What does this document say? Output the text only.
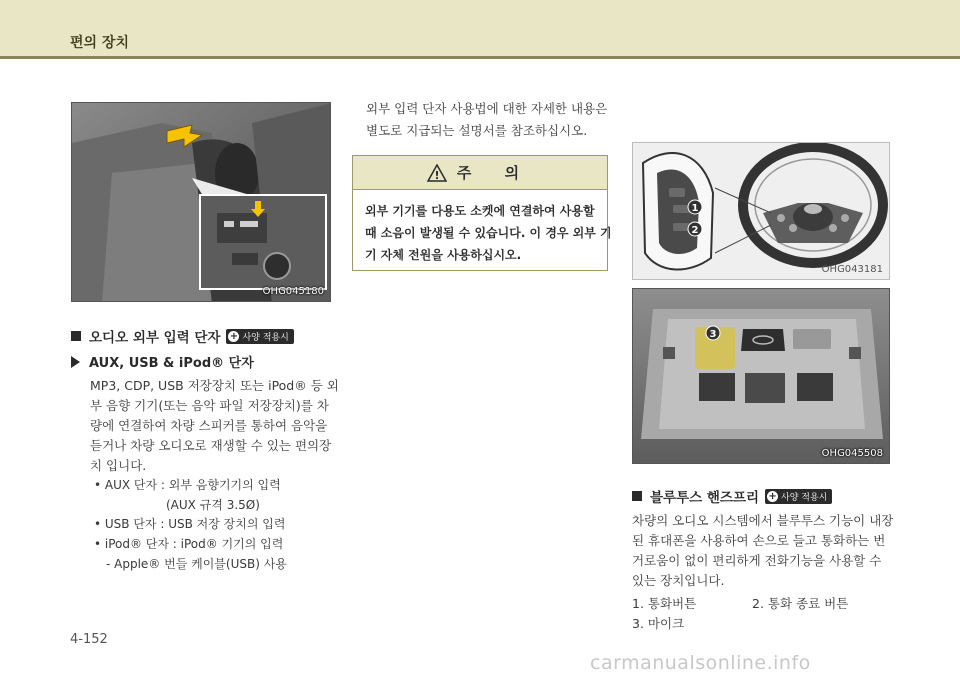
편의 장치
OHG045180
오디오 외부 입력 단자 + 사양 적용시
AUX, USB & iPod® 단자

MP3, CDP, USB 저장장치 또는 iPod® 등 외

부 음향 기기(또는 음악 파일 저장장치)를 차

량에 연결하여 차량 스피커를 통하여 음악을

듣거나 차량 오디오로 재생할 수 있는 편의장

치 입니다.

• AUX 단자 : 외부 음향기기의 입력
(AUX 규격 3.5Ø)
• USB 단자 : USB 저장 장치의 입력
• iPod® 단자 : iPod® 기기의 입력
- Apple® 번들 케이블(USB) 사용

외부 입력 단자 사용법에 대한 자세한 내용은

별도로 지급되는 설명서를 참조하십시오.

! 주 의

외부 기기를 다용도 소켓에 연결하여 사용할

때 소음이 발생될 수 있습니다. 이 경우 외부 기

기 자체 전원을 사용하십시오.

1
2
OHG043181
3
OHG045508
블루투스 핸즈프리 + 사양 적용시

차량의 오디오 시스템에서 블루투스 기능이 내장

된 휴대폰을 사용하여 손으로 들고 통화하는 번

거로움이 없이 편리하게 전화기능을 사용할 수

있는 장치입니다.

1. 통화버튼	2. 통화 종료 버튼
3. 마이크
4-152
carmanualsonline.info
